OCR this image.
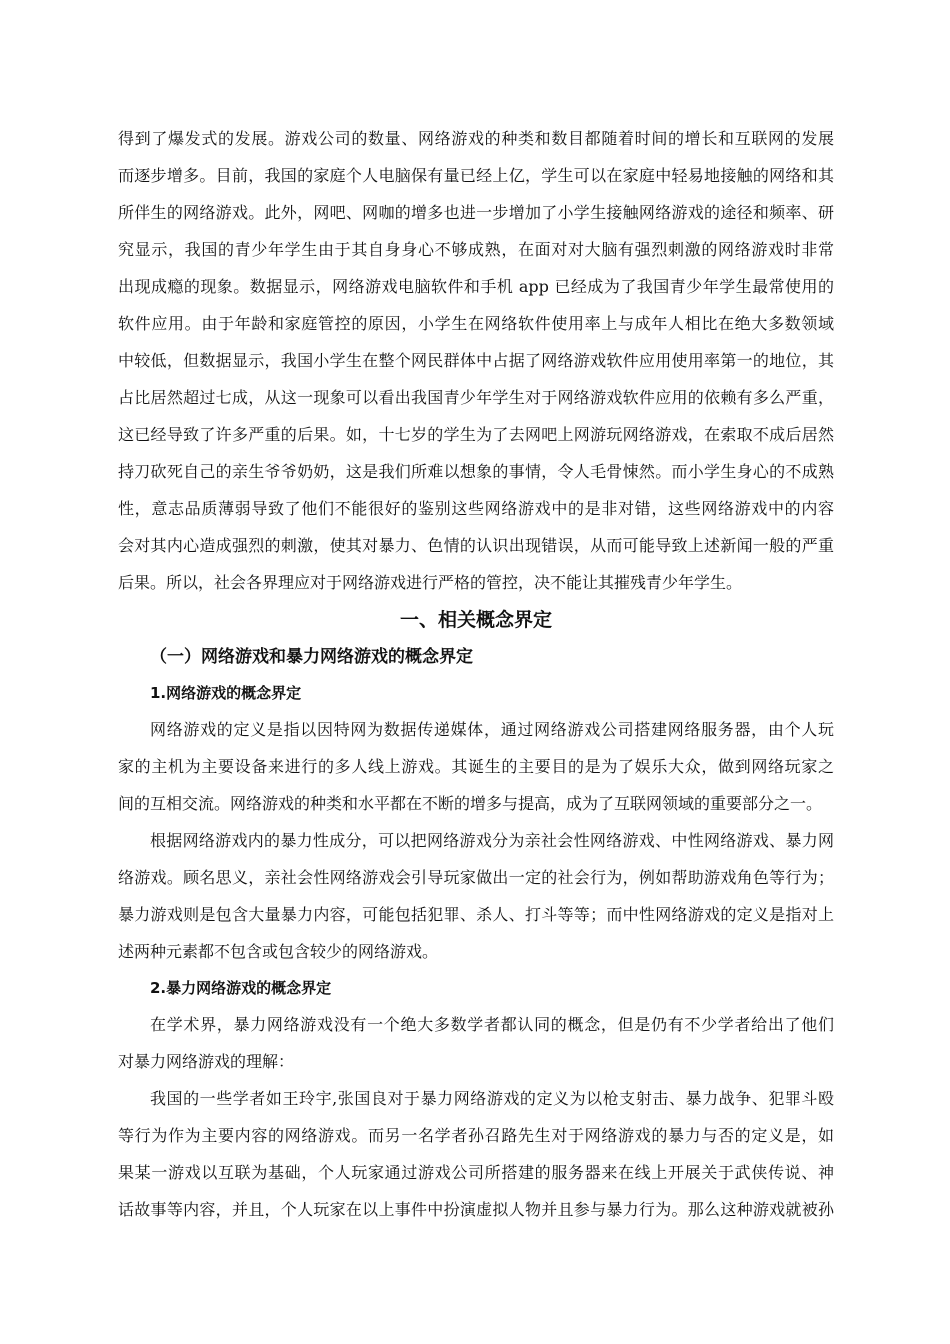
得到了爆发式的发展。游戏公司的数量、网络游戏的种类和数目都随着时间的增长和互联网的发展
而逐步增多。目前，我国的家庭个人电脑保有量已经上亿，学生可以在家庭中轻易地接触的网络和其
所伴生的网络游戏。此外，网吧、网咖的增多也进一步增加了小学生接触网络游戏的途径和频率、研
究显示，我国的青少年学生由于其自身身心不够成熟，在面对对大脑有强烈刺激的网络游戏时非常
出现成瘾的现象。数据显示，网络游戏电脑软件和手机 app 已经成为了我国青少年学生最常使用的
软件应用。由于年龄和家庭管控的原因，小学生在网络软件使用率上与成年人相比在绝大多数领域
中较低，但数据显示，我国小学生在整个网民群体中占据了网络游戏软件应用使用率第一的地位，其
占比居然超过七成，从这一现象可以看出我国青少年学生对于网络游戏软件应用的依赖有多么严重，
这已经导致了许多严重的后果。如，十七岁的学生为了去网吧上网游玩网络游戏，在索取不成后居然
持刀砍死自己的亲生爷爷奶奶，这是我们所难以想象的事情，令人毛骨悚然。而小学生身心的不成熟
性，意志品质薄弱导致了他们不能很好的鉴别这些网络游戏中的是非对错，这些网络游戏中的内容
会对其内心造成强烈的刺激，使其对暴力、色情的认识出现错误，从而可能导致上述新闻一般的严重
后果。所以，社会各界理应对于网络游戏进行严格的管控，决不能让其摧残青少年学生。
一、相关概念界定
（一）网络游戏和暴力网络游戏的概念界定
1.网络游戏的概念界定
网络游戏的定义是指以因特网为数据传递媒体，通过网络游戏公司搭建网络服务器，由个人玩
家的主机为主要设备来进行的多人线上游戏。其诞生的主要目的是为了娱乐大众，做到网络玩家之
间的互相交流。网络游戏的种类和水平都在不断的增多与提高，成为了互联网领域的重要部分之一。
根据网络游戏内的暴力性成分，可以把网络游戏分为亲社会性网络游戏、中性网络游戏、暴力网
络游戏。顾名思义，亲社会性网络游戏会引导玩家做出一定的社会行为，例如帮助游戏角色等行为；
暴力游戏则是包含大量暴力内容，可能包括犯罪、杀人、打斗等等；而中性网络游戏的定义是指对上
述两种元素都不包含或包含较少的网络游戏。
2.暴力网络游戏的概念界定
在学术界，暴力网络游戏没有一个绝大多数学者都认同的概念，但是仍有不少学者给出了他们
对暴力网络游戏的理解：
我国的一些学者如王玲宇,张国良对于暴力网络游戏的定义为以枪支射击、暴力战争、犯罪斗殴
等行为作为主要内容的网络游戏。而另一名学者孙召路先生对于网络游戏的暴力与否的定义是，如
果某一游戏以互联为基础，个人玩家通过游戏公司所搭建的服务器来在线上开展关于武侠传说、神
话故事等内容，并且，个人玩家在以上事件中扮演虚拟人物并且参与暴力行为。那么这种游戏就被孙
